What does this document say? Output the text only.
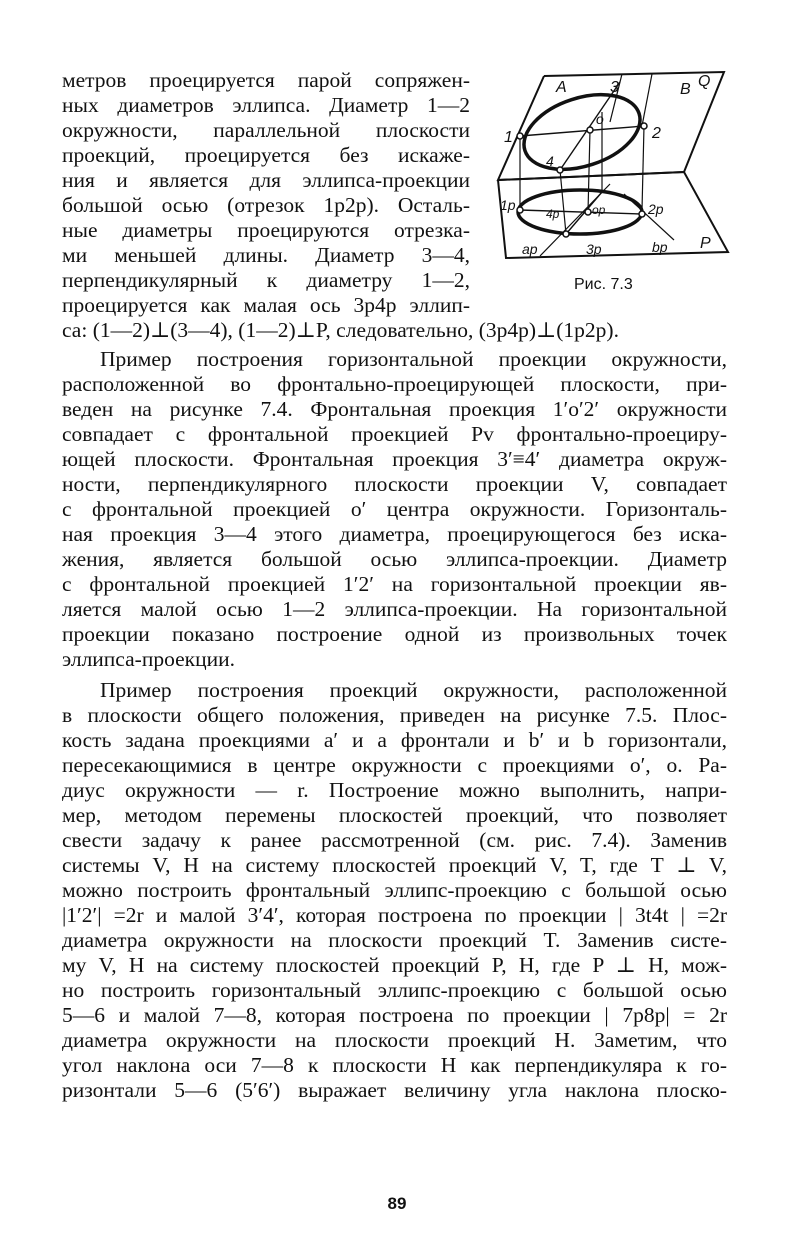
A	3	B Q
1	2
o
4
1p
4p	op	2p
ap	3p	bp P
Рис. 7.3
метров проецируется парой сопряжен-
ных диаметров эллипса. Диаметр 1—2
окружности, параллельной плоскости
проекций, проецируется без искаже-
ния и является для эллипса-проекции
большой осью (отрезок 1p2p). Осталь-
ные диаметры проецируются отрезка-
ми меньшей длины. Диаметр 3—4,
перпендикулярный к диаметру 1—2,
проецируется как малая ось 3p4p эллип-
са: (1—2)⊥(3—4), (1—2)⊥P, следовательно, (3p4p)⊥(1p2p).
Пример построения горизонтальной проекции окружности,
расположенной во фронтально-проецирующей плоскости, при-
веден на рисунке 7.4. Фронтальная проекция 1′o′2′ окружности
совпадает с фронтальной проекцией Pv фронтально-проециру-
ющей плоскости. Фронтальная проекция 3′≡4′ диаметра окруж-
ности, перпендикулярного плоскости проекции V, совпадает
с фронтальной проекцией o′ центра окружности. Горизонталь-
ная проекция 3—4 этого диаметра, проецирующегося без иска-
жения, является большой осью эллипса-проекции. Диаметр
с фронтальной проекцией 1′2′ на горизонтальной проекции яв-
ляется малой осью 1—2 эллипса-проекции. На горизонтальной
проекции показано построение одной из произвольных точек
эллипса-проекции.
Пример построения проекций окружности, расположенной
в плоскости общего положения, приведен на рисунке 7.5. Плос-
кость задана проекциями a′ и a фронтали и b′ и b горизонтали,
пересекающимися в центре окружности с проекциями o′, o. Ра-
диус окружности — r. Построение можно выполнить, напри-
мер, методом перемены плоскостей проекций, что позволяет
свести задачу к ранее рассмотренной (см. рис. 7.4). Заменив
системы V, H на систему плоскостей проекций V, T, где T ⊥ V,
можно построить фронтальный эллипс-проекцию с большой осью
|1′2′| =2r и малой 3′4′, которая построена по проекции | 3t4t | =2r
диаметра окружности на плоскости проекций T. Заменив систе-
му V, H на систему плоскостей проекций P, H, где P ⊥ H, мож-
но построить горизонтальный эллипс-проекцию с большой осью
5—6 и малой 7—8, которая построена по проекции | 7p8p| = 2r
диаметра окружности на плоскости проекций H. Заметим, что
угол наклона оси 7—8 к плоскости H как перпендикуляра к го-
ризонтали 5—6 (5′6′) выражает величину угла наклона плоско-
89
